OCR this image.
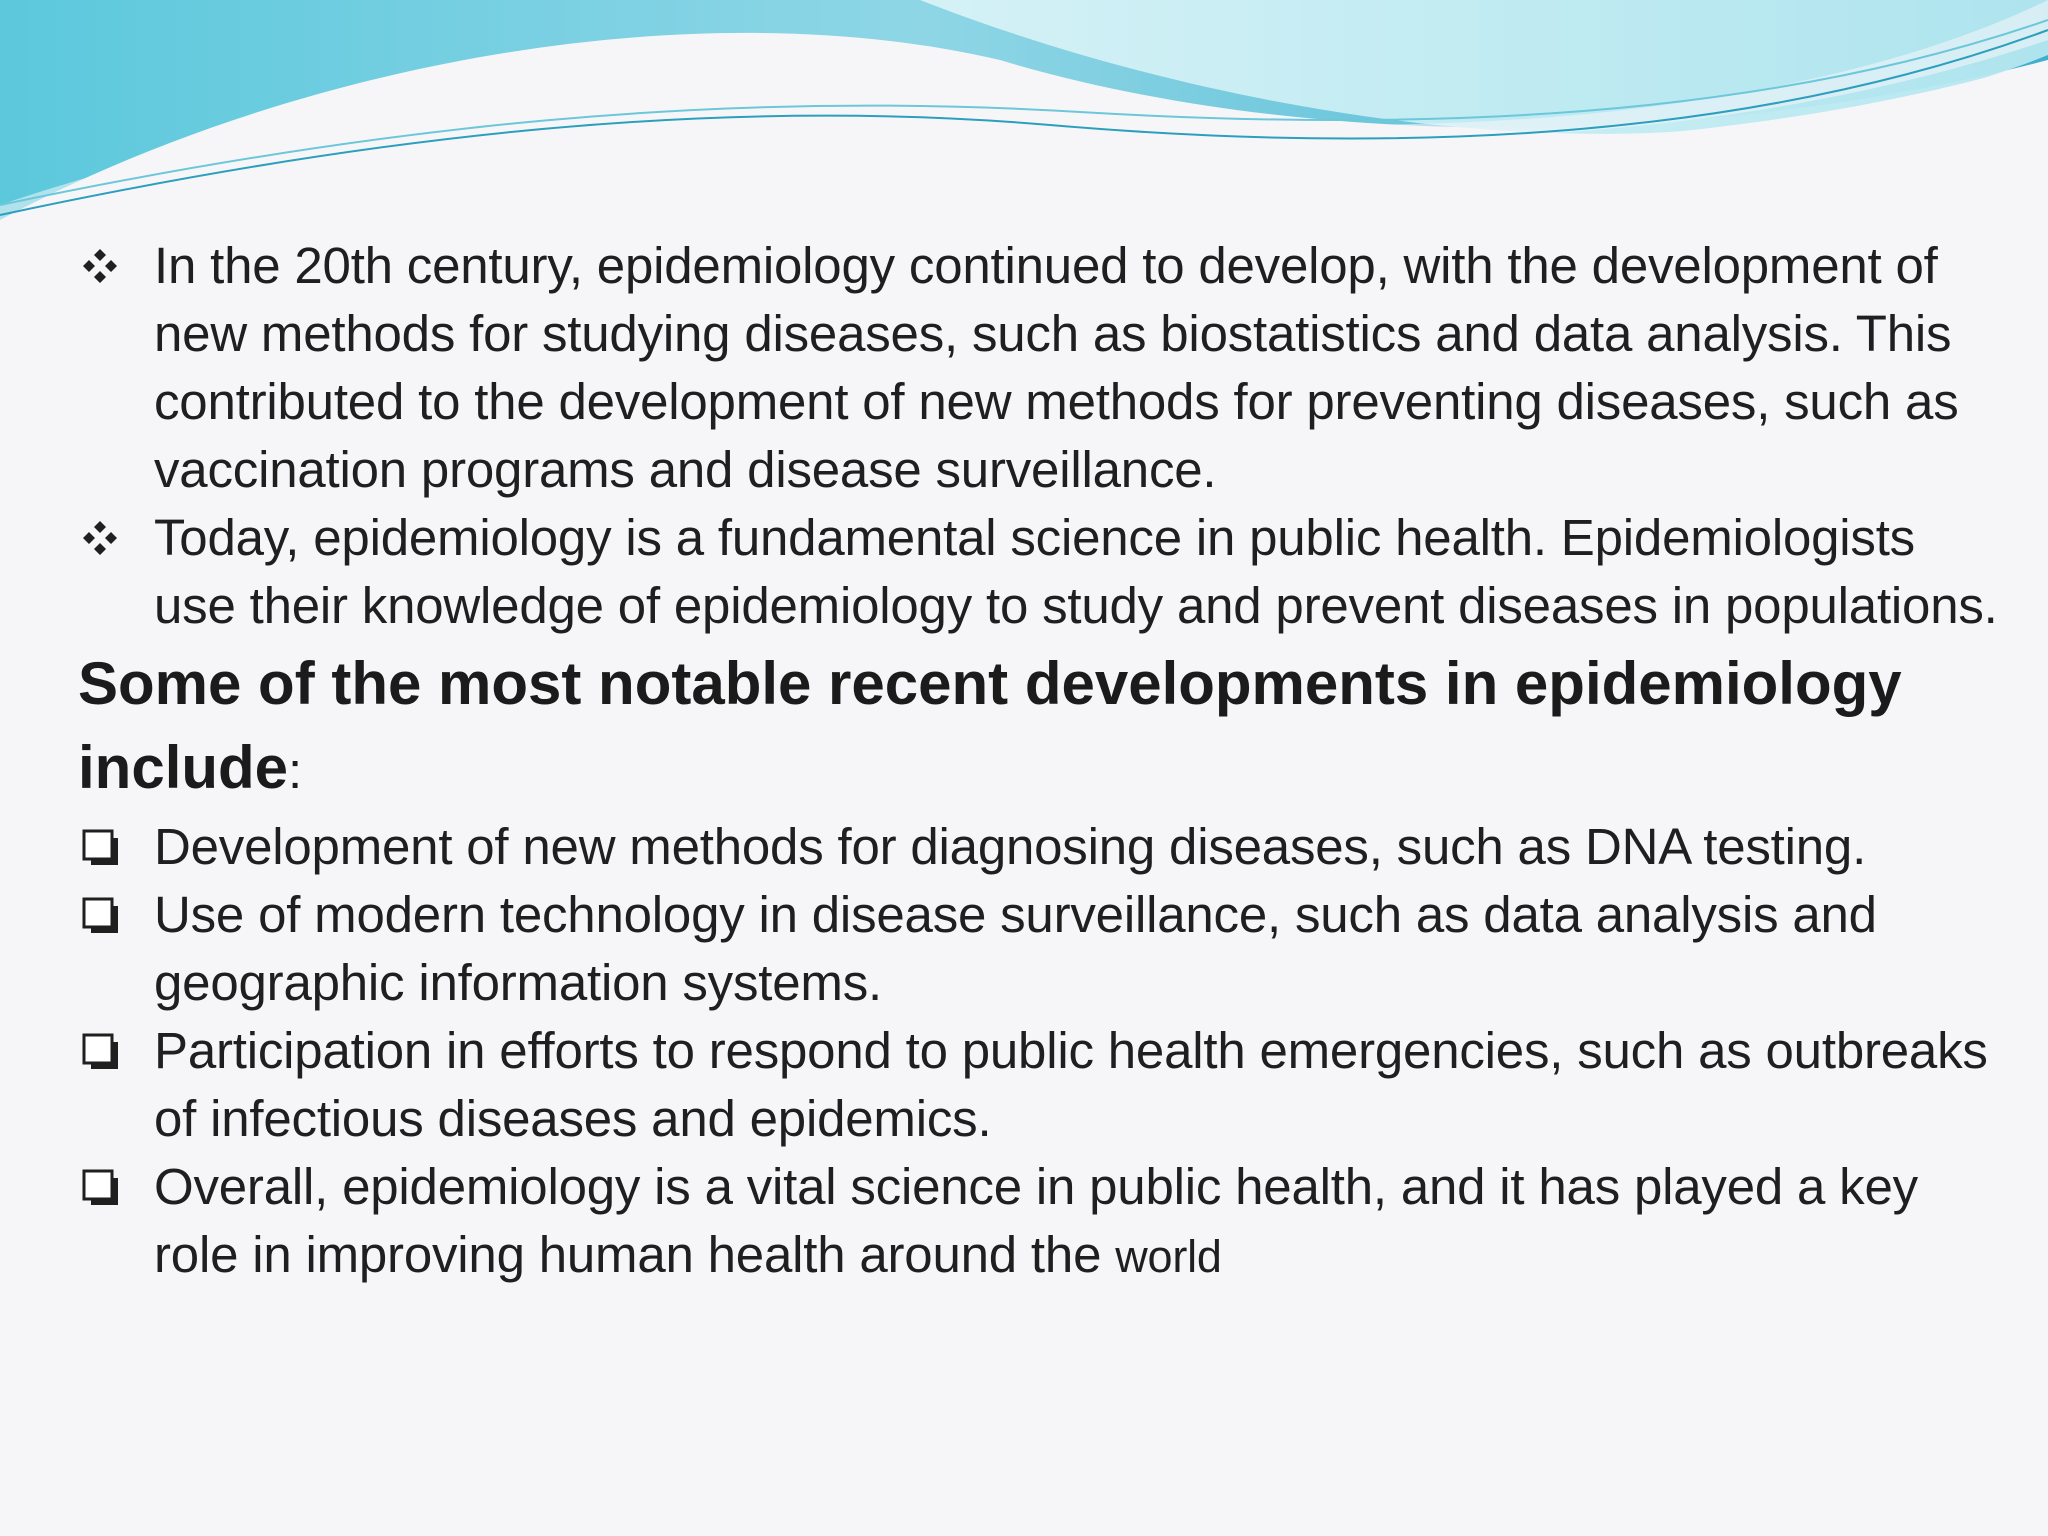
In the 20th century, epidemiology continued to develop, with the development of new methods for studying diseases, such as biostatistics and data analysis. This contributed to the development of new methods for preventing diseases, such as vaccination programs and disease surveillance.
Today, epidemiology is a fundamental science in public health. Epidemiologists use their knowledge of epidemiology to study and prevent diseases in populations.
Some of the most notable recent developments in epidemiology include:
Development of new methods for diagnosing diseases, such as DNA testing.
Use of modern technology in disease surveillance, such as data analysis and geographic information systems.
Participation in efforts to respond to public health emergencies, such as outbreaks of infectious diseases and epidemics.
Overall, epidemiology is a vital science in public health, and it has played a key role in improving human health around the world
